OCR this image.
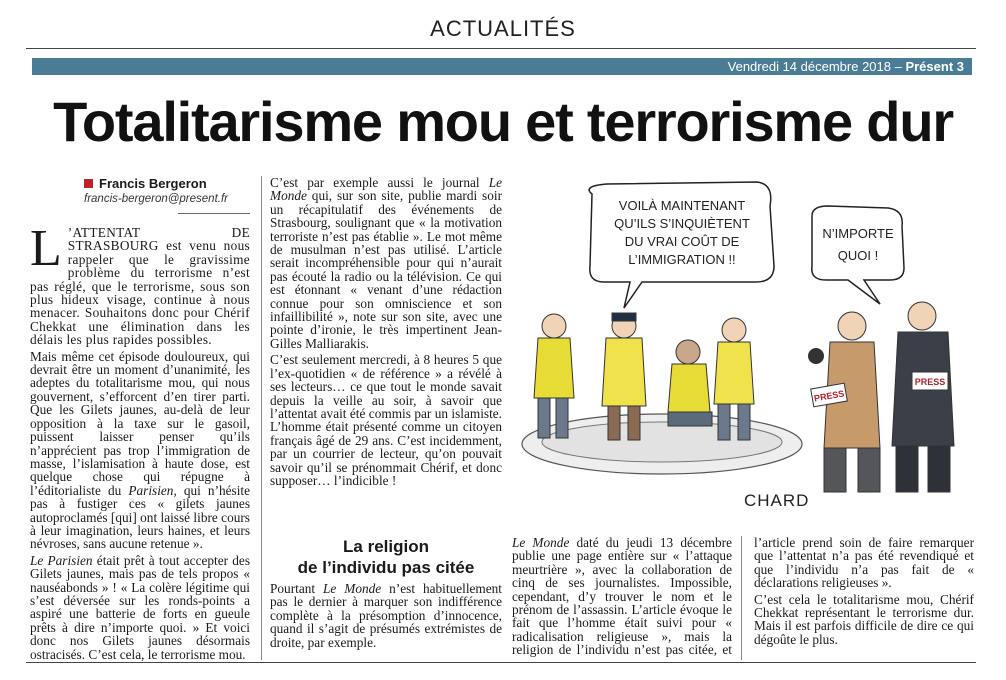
ACTUALITÉS
Vendredi 14 décembre 2018 – Présent 3
Totalitarisme mou et terrorisme dur
Francis Bergeron
francis-bergeron@present.fr

L ’ATTENTAT DE STRASBOURG est venu nous rappeler que le gravissime problème du terrorisme n’est pas réglé, que le terrorisme, sous son plus hideux visage, continue à nous menacer. Souhaitons donc pour Chérif Chekkat une élimination dans les délais les plus rapides possibles.

Mais même cet épisode douloureux, qui devrait être un moment d’unanimité, les adeptes du totalitarisme mou, qui nous gouvernent, s’efforcent d’en tirer parti. Que les Gilets jaunes, au-delà de leur opposition à la taxe sur le gasoil, puissent laisser penser qu’ils n’apprécient pas trop l’immigration de masse, l’islamisation à haute dose, est quelque chose qui répugne à l’éditorialiste du Parisien, qui n’hésite pas à fustiger ces « gilets jaunes autoproclamés [qui] ont laissé libre cours à leur imagination, leurs haines, et leurs névroses, sans aucune retenue ».

Le Parisien était prêt à tout accepter des Gilets jaunes, mais pas de tels propos « nauséabonds » ! « La colère légitime qui s’est déversée sur les ronds-points a aspiré une batterie de forts en gueule prêts à dire n’importe quoi. » Et voici donc nos Gilets jaunes désormais ostracisés. C’est cela, le terrorisme mou.

C’est par exemple aussi le journal Le Monde qui, sur son site, publie mardi soir un récapitulatif des événements de Strasbourg, soulignant que « la motivation terroriste n’est pas établie ». Le mot même de musulman n’est pas utilisé. L’article serait incompréhensible pour qui n’aurait pas écouté la radio ou la télévision. Ce qui est étonnant « venant d’une rédaction connue pour son omniscience et son infaillibilité », note sur son site, avec une pointe d’ironie, le très impertinent Jean-Gilles Malliarakis.

C’est seulement mercredi, à 8 heures 5 que l’ex-quotidien « de référence » a révélé à ses lecteurs… ce que tout le monde savait depuis la veille au soir, à savoir que l’attentat avait été commis par un islamiste. L’homme était présenté comme un citoyen français âgé de 29 ans. C’est incidemment, par un courrier de lecteur, qu’on pouvait savoir qu’il se prénommait Chérif, et donc supposer… l’indicible !

La religion
de l’individu pas citée

Pourtant Le Monde n’est habituellement pas le dernier à marquer son indifférence complète à la présomption d’innocence, quand il s’agit de présumés extrémistes de droite, par exemple.

VOILÀ MAINTENANT
QU’ILS S’INQUIÈTENT
DU VRAI COÛT DE
L’IMMIGRATION !!
N’IMPORTE
QUOI !
PRESS
PRESS
CHARD

Le Monde daté du jeudi 13 décembre publie une page entière sur « l’attaque meurtrière », avec la collaboration de cinq de ses journalistes. Impossible, cependant, d’y trouver le nom et le prénom de l’assassin. L’article évoque le fait que l’homme était suivi pour « radicalisation religieuse », mais la religion de l’individu n’est pas citée, et l’article prend soin de faire remarquer que l’attentat n’a pas été revendiqué et que l’individu n’a pas fait de « déclarations religieuses ».

C’est cela le totalitarisme mou, Chérif Chekkat représentant le terrorisme dur. Mais il est parfois difficile de dire ce qui dégoûte le plus.
